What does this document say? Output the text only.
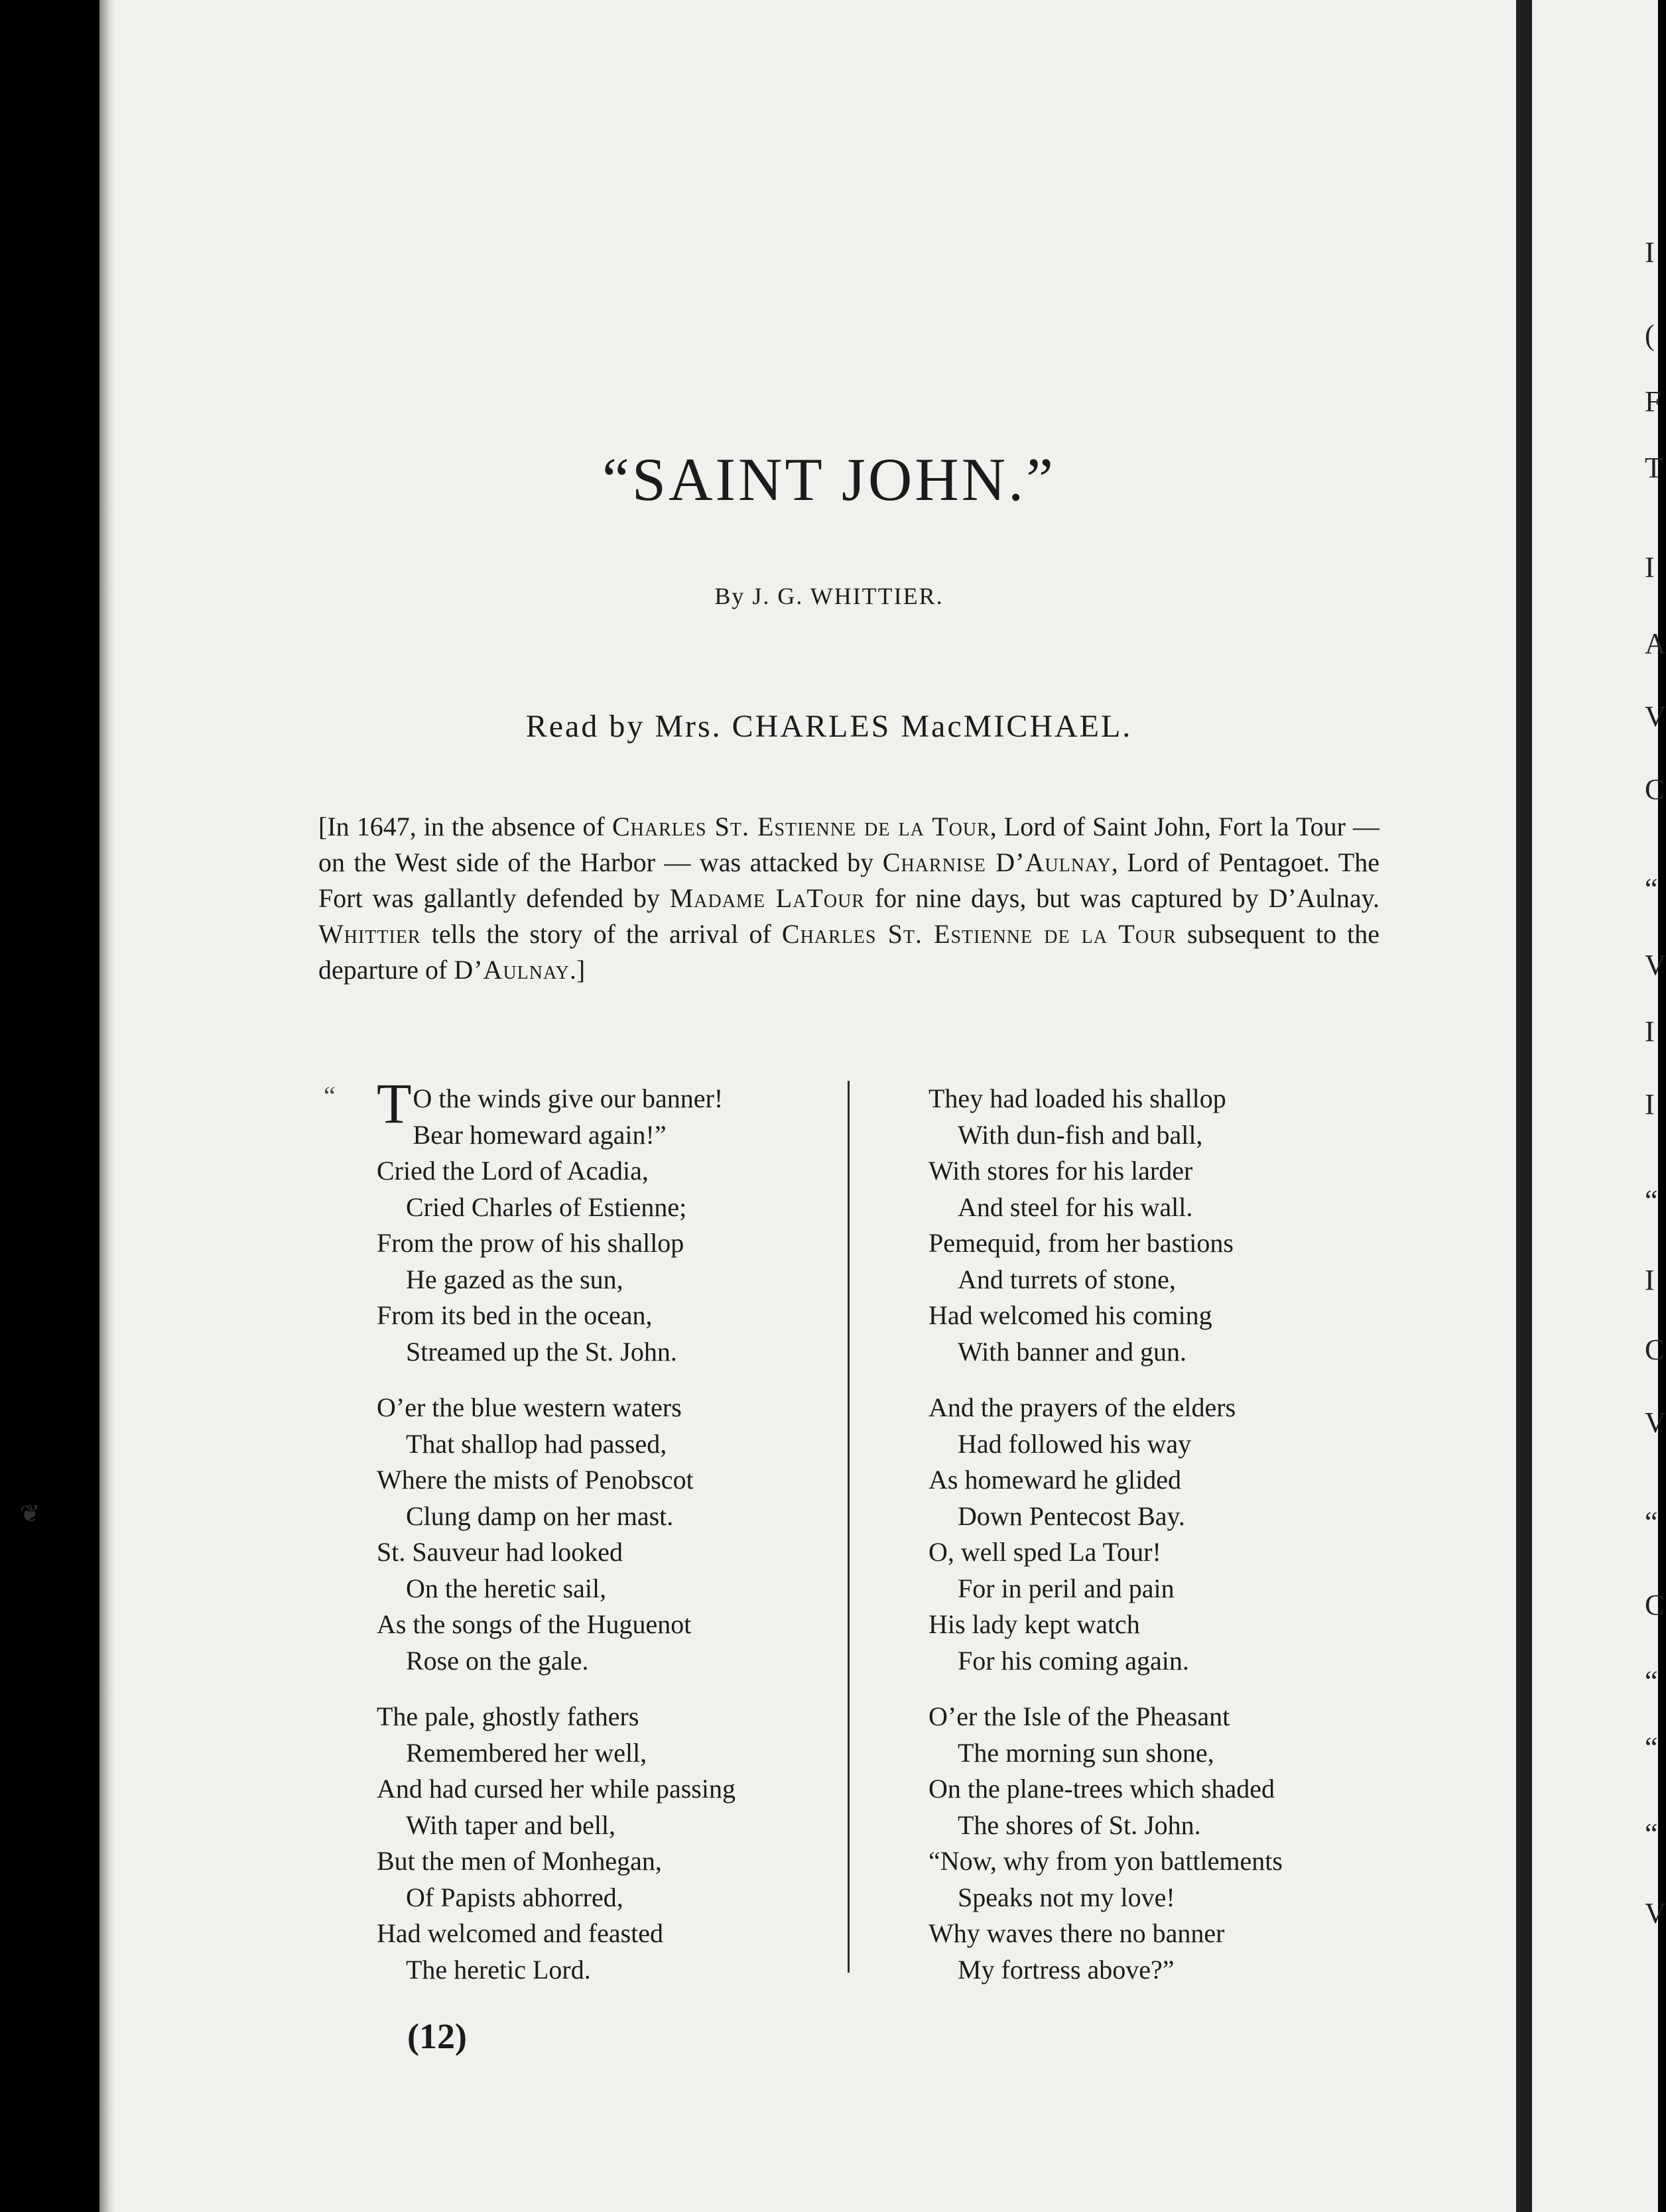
I
(
F
T
I
A
V
C
“
V
I
I
“
I
C
V
“
C
“
“
“
V
❦
“SAINT JOHN.”
By J. G. WHITTIER.
Read by Mrs. CHARLES MacMICHAEL.
[In 1647, in the absence of Charles St. Estienne de la Tour, Lord of Saint John, Fort la Tour — on the West side of the Harbor — was attacked by Charnise D’Aulnay, Lord of Pentagoet. The Fort was gallantly defended by Madame LaTour for nine days, but was captured by D’Aulnay. Whittier tells the story of the arrival of Charles St. Estienne de la Tour subsequent to the departure of D’Aulnay.]
“ T O the winds give our banner!
Bear homeward again!”
Cried the Lord of Acadia,
Cried Charles of Estienne;
From the prow of his shallop
He gazed as the sun,
From its bed in the ocean,
Streamed up the St. John.
O’er the blue western waters
That shallop had passed,
Where the mists of Penobscot
Clung damp on her mast.
St. Sauveur had looked
On the heretic sail,
As the songs of the Huguenot
Rose on the gale.
The pale, ghostly fathers
Remembered her well,
And had cursed her while passing
With taper and bell,
But the men of Monhegan,
Of Papists abhorred,
Had welcomed and feasted
The heretic Lord.
They had loaded his shallop
With dun-fish and ball,
With stores for his larder
And steel for his wall.
Pemequid, from her bastions
And turrets of stone,
Had welcomed his coming
With banner and gun.
And the prayers of the elders
Had followed his way
As homeward he glided
Down Pentecost Bay.
O, well sped La Tour!
For in peril and pain
His lady kept watch
For his coming again.
O’er the Isle of the Pheasant
The morning sun shone,
On the plane-trees which shaded
The shores of St. John.
“Now, why from yon battlements
Speaks not my love!
Why waves there no banner
My fortress above?”
(12)
